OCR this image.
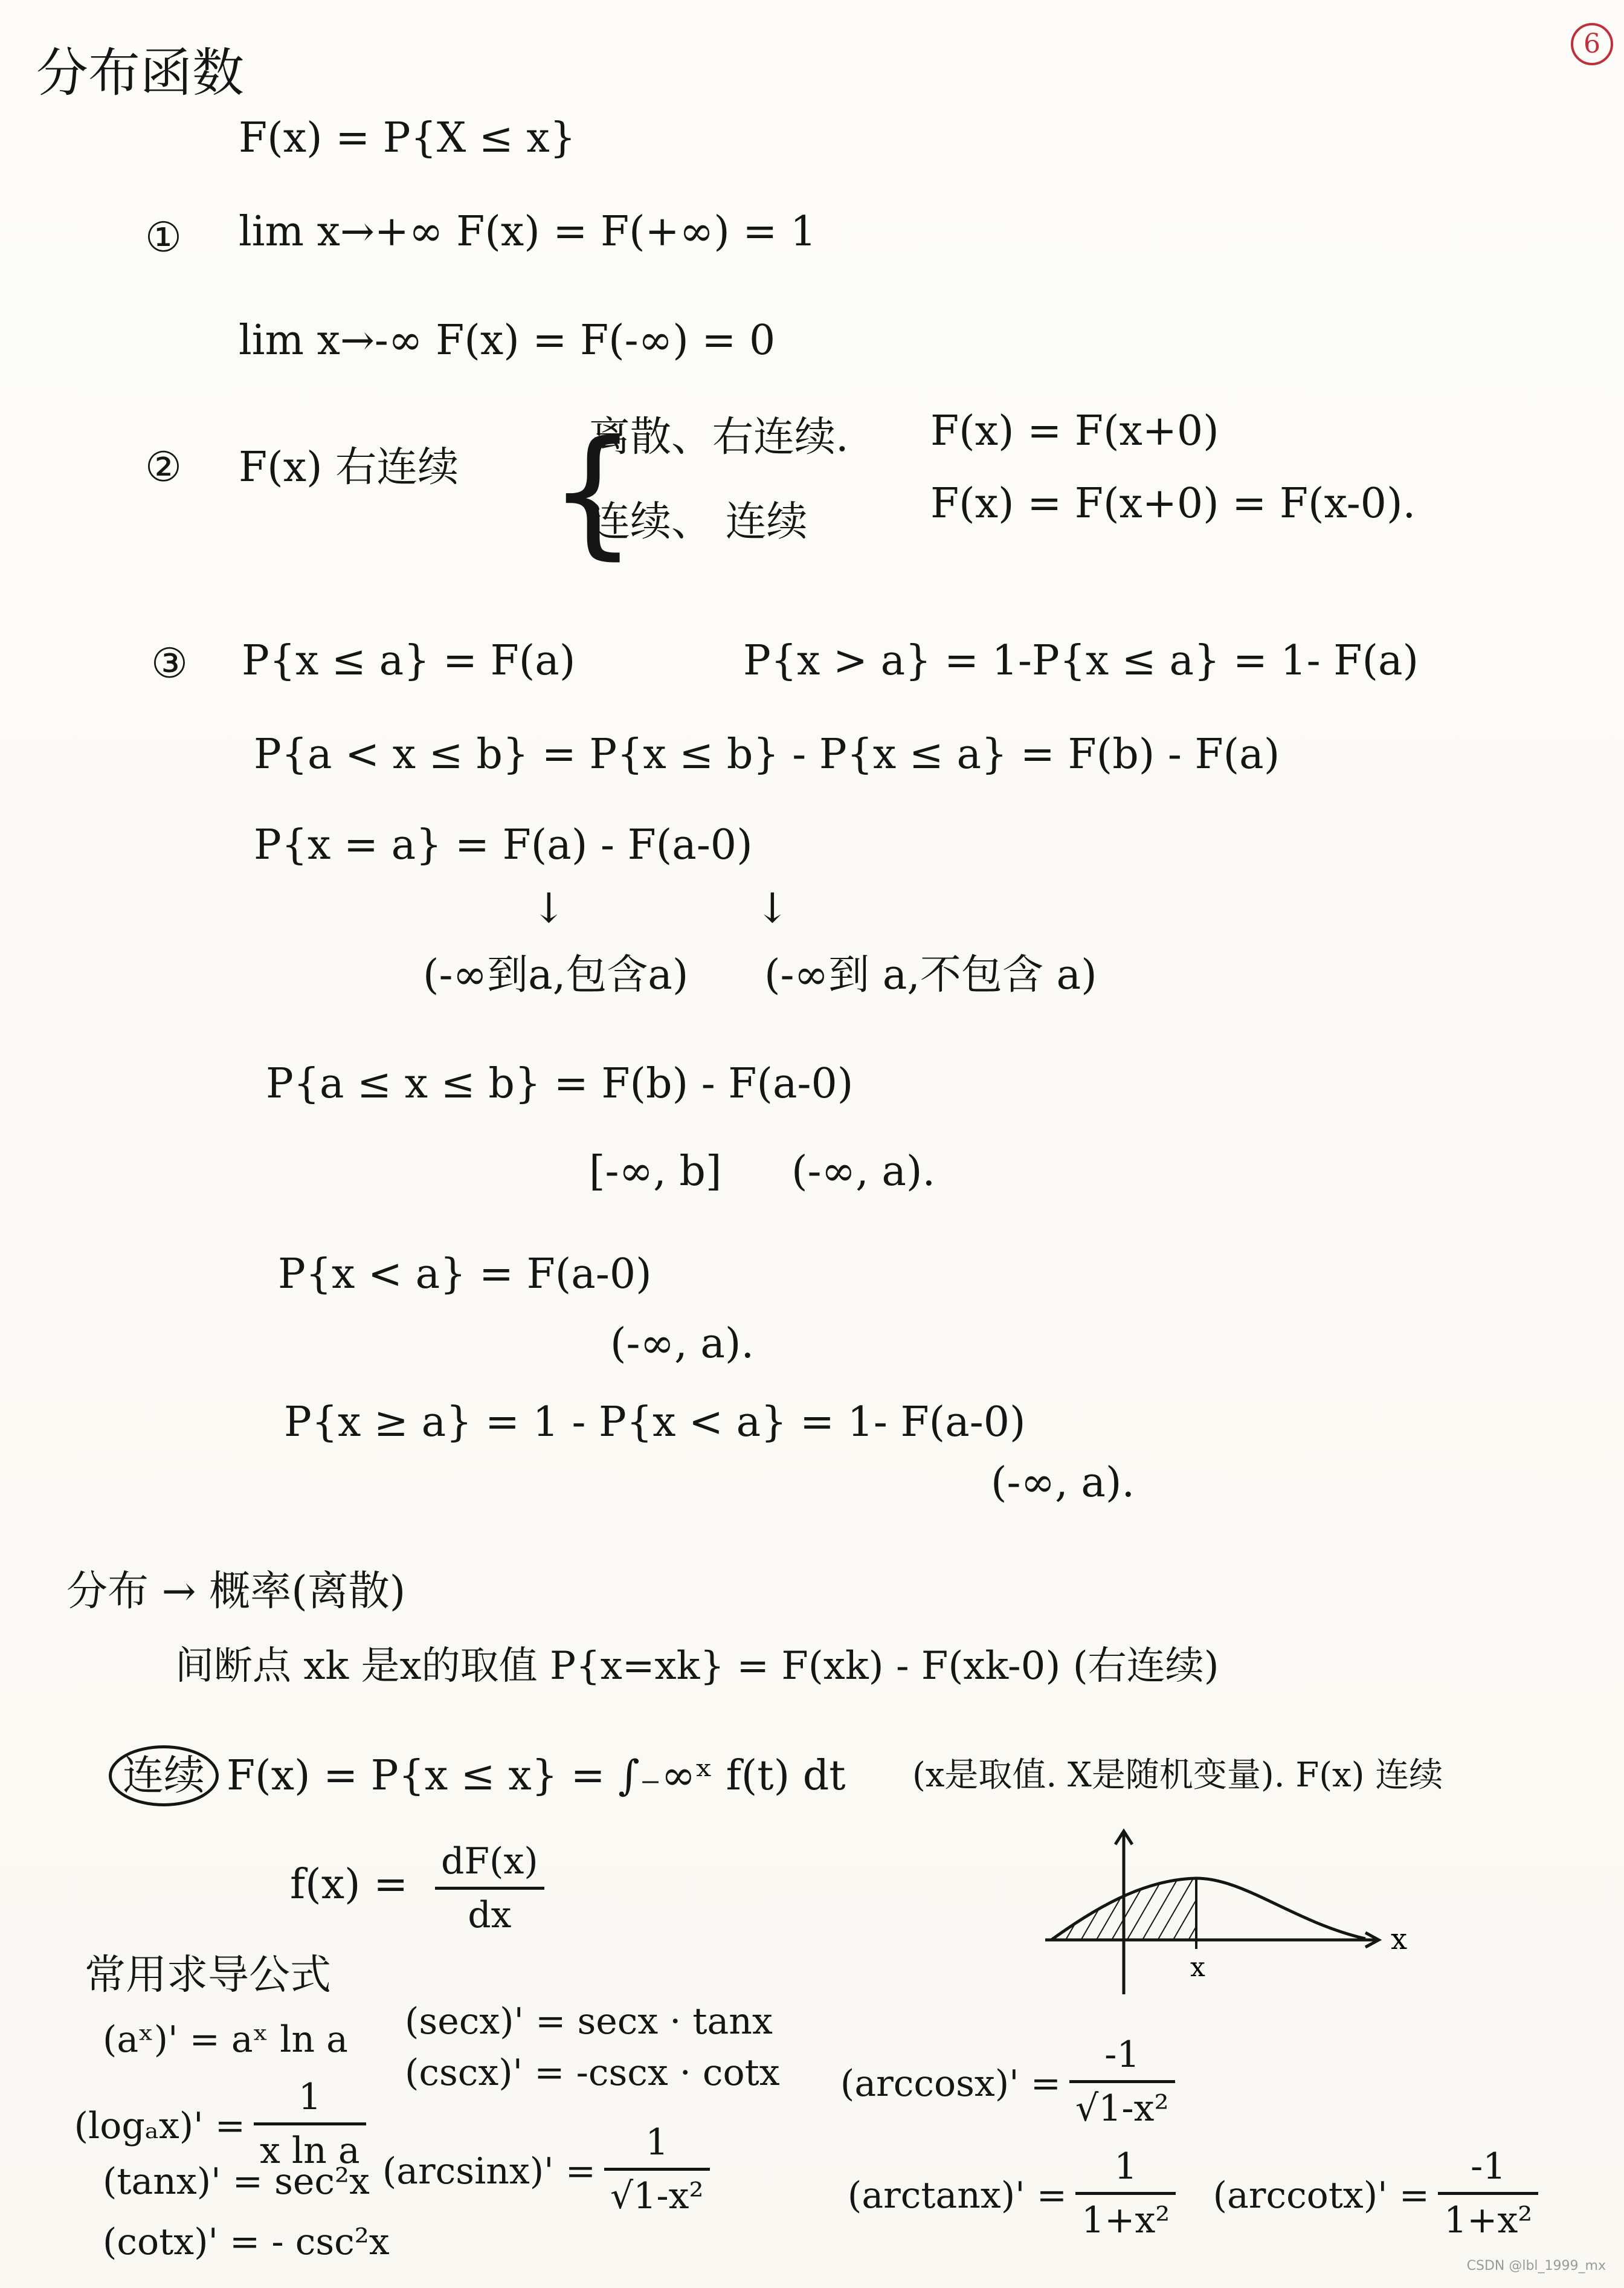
6
分布函数
F(x) = P{X ≤ x}
① lim x→+∞ F(x) = F(+∞) = 1
lim x→-∞ F(x) = F(-∞) = 0
② F(x) 右连续 {
离散、右连续. F(x) = F(x+0)
连续、 连续	F(x) = F(x+0) = F(x-0).
③ P{x ≤ a} = F(a)	P{x > a} = 1-P{x ≤ a} = 1- F(a)
P{a < x ≤ b} = P{x ≤ b} - P{x ≤ a} = F(b) - F(a)
P{x = a} = F(a) - F(a-0)
↓	↓
(-∞到a,包含a) (-∞到 a,不包含 a)
P{a ≤ x ≤ b} = F(b) - F(a-0)
[-∞, b] (-∞, a).
P{x < a} = F(a-0)
(-∞, a).
P{x ≥ a} = 1 - P{x < a} = 1- F(a-0)
(-∞, a).
分布 → 概率(离散)
间断点 xk 是x的取值 P{x=xk} = F(xk) - F(xk-0) (右连续)
连续 F(x) = P{x ≤ x} = ∫₋∞ˣ f(t) dt (x是取值. X是随机变量). F(x) 连续
$f(x) = \frac{dF(x)}{dx}$
x
x
常用求导公式
(aˣ)' = aˣ ln a
(logₐx)' =
1
x ln a
(tanx)' = sec²x
(cotx)' = - csc²x
(secx)' = secx · tanx
(cscx)' = -cscx · cotx
(arcsinx)' =
1
√1-x²
(arccosx)' =
-1
√1-x²
(arctanx)' =
1
1+x²
(arccotx)' =
-1
1+x²
CSDN @lbl_1999_mx
